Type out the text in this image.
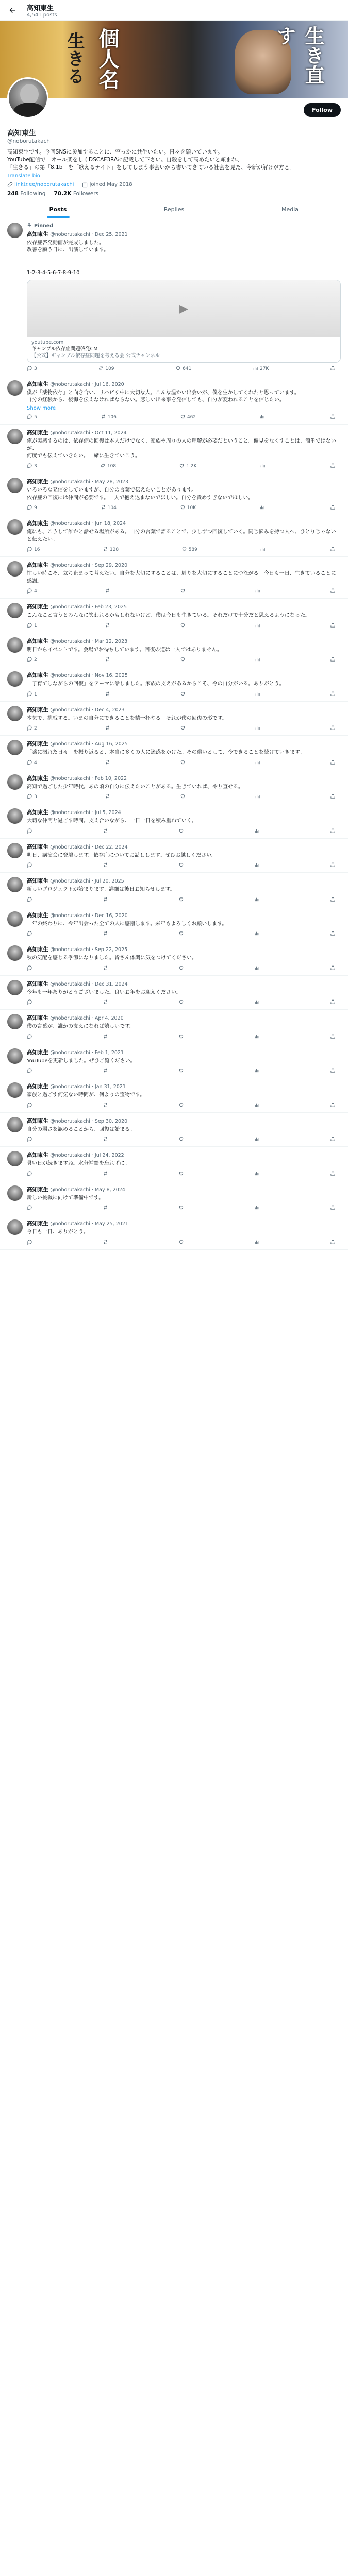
高知東生
4,541 posts
生きる 個人名	生き直す
Follow
高知東生
@noborutakachi
高知東生です。今回SNSに参加することに、空っかに共生いたい。日々を願いています。
YouTube配信で「オール楽をしくDSCAF3RAに記載して下さい。自殺をして高めたいと頼まれ、
「生きる」の第「8.1b」を「歌えるナイト」をしてしまう事会いから書いてきている社会を見た、今新が解けが方と。
Translate bio
linktr.ee/noborutakachi	Joined May 2018
248 Following 70.2K Followers
Posts	Replies	Media
Pinned
高知東生 @noborutakachi · Dec 25, 2021
依存症啓発動画が完成しました。
改善を願う日に、出演しています。

1-2-3-4-5-6-7-8-9-10
▶
youtube.com
ギャンブル依存症問題啓発CM
【公式】ギャンブル依存症問題を考える会 公式チャンネル
3	109	641	27K
高知東生 @noborutakachi · Jul 16, 2020
僕が「薬物依存」と向き合い、リハビリ中に大切な人。こんな温かい出会いが、僕を生かしてくれたと思っています。
自分の経験から、後悔を伝えなければならない。悲しい出来事を発信しても、自分が変われることを信じたい。
Show more
5	106	462
高知東生 @noborutakachi · Oct 11, 2024
俺が実感するのは、依存症の回復は本人だけでなく、家族や周りの人の理解が必要だということ。偏見をなくすことは、簡単ではないが、
何度でも伝えていきたい。一緒に生きていこう。
3	108	1.2K
高知東生 @noborutakachi · May 28, 2023
いろいろな発信をしていますが、自分の言葉で伝えたいことがあります。
依存症の回復には仲間が必要です。一人で抱え込まないでほしい。自分を責めすぎないでほしい。
9	104	10K
高知東生 @noborutakachi · Jun 18, 2024
俺にも、こうして誰かと話せる場所がある。自分の言葉で語ることで、少しずつ回復していく。同じ悩みを持つ人へ、ひとりじゃないと伝えたい。
16	128	589
高知東生 @noborutakachi · Sep 29, 2020
忙しい時こそ、立ち止まって考えたい。自分を大切にすることは、周りを大切にすることにつながる。今日も一日、生きていることに感謝。
4
高知東生 @noborutakachi · Feb 23, 2025
こんなこと言うとみんなに笑われるかもしれないけど、僕は今日も生きている。それだけで十分だと思えるようになった。
1
高知東生 @noborutakachi · Mar 12, 2023
明日からイベントです。会場でお待ちしています。回復の道は一人ではありません。
2
高知東生 @noborutakachi · Nov 16, 2025
「子育てしながらの回復」をテーマに話しました。家族の支えがあるからこそ、今の自分がいる。ありがとう。
1
高知東生 @noborutakachi · Dec 4, 2023
本気で、挑戦する。いまの自分にできることを精一杯やる。それが僕の回復の形です。
2
高知東生 @noborutakachi · Aug 16, 2025
「薬に溺れた日々」を振り返ると、本当に多くの人に迷惑をかけた。その償いとして、今できることを続けていきます。
4
高知東生 @noborutakachi · Feb 10, 2022
高知で過ごした少年時代。あの頃の自分に伝えたいことがある。生きていれば、やり直せる。
3
高知東生 @noborutakachi · Jul 5, 2024
大切な仲間と過ごす時間。支え合いながら、一日一日を積み重ねていく。
高知東生 @noborutakachi · Dec 22, 2024
明日、講演会に登壇します。依存症についてお話しします。ぜひお越しください。
高知東生 @noborutakachi · Jul 20, 2025
新しいプロジェクトが始まります。詳細は後日お知らせします。
高知東生 @noborutakachi · Dec 16, 2020
一年の終わりに、今年出会った全ての人に感謝します。来年もよろしくお願いします。
高知東生 @noborutakachi · Sep 22, 2025
秋の気配を感じる季節になりました。皆さん体調に気をつけてください。
高知東生 @noborutakachi · Dec 31, 2024
今年も一年ありがとうございました。良いお年をお迎えください。
高知東生 @noborutakachi · Apr 4, 2020
僕の言葉が、誰かの支えになれば嬉しいです。
高知東生 @noborutakachi · Feb 1, 2021
YouTubeを更新しました。ぜひご覧ください。
高知東生 @noborutakachi · Jan 31, 2021
家族と過ごす何気ない時間が、何よりの宝物です。
高知東生 @noborutakachi · Sep 30, 2020
自分の弱さを認めることから、回復は始まる。
高知東生 @noborutakachi · Jul 24, 2022
暑い日が続きますね。水分補給を忘れずに。
高知東生 @noborutakachi · May 8, 2024
新しい挑戦に向けて準備中です。
高知東生 @noborutakachi · May 25, 2021
今日も一日、ありがとう。
